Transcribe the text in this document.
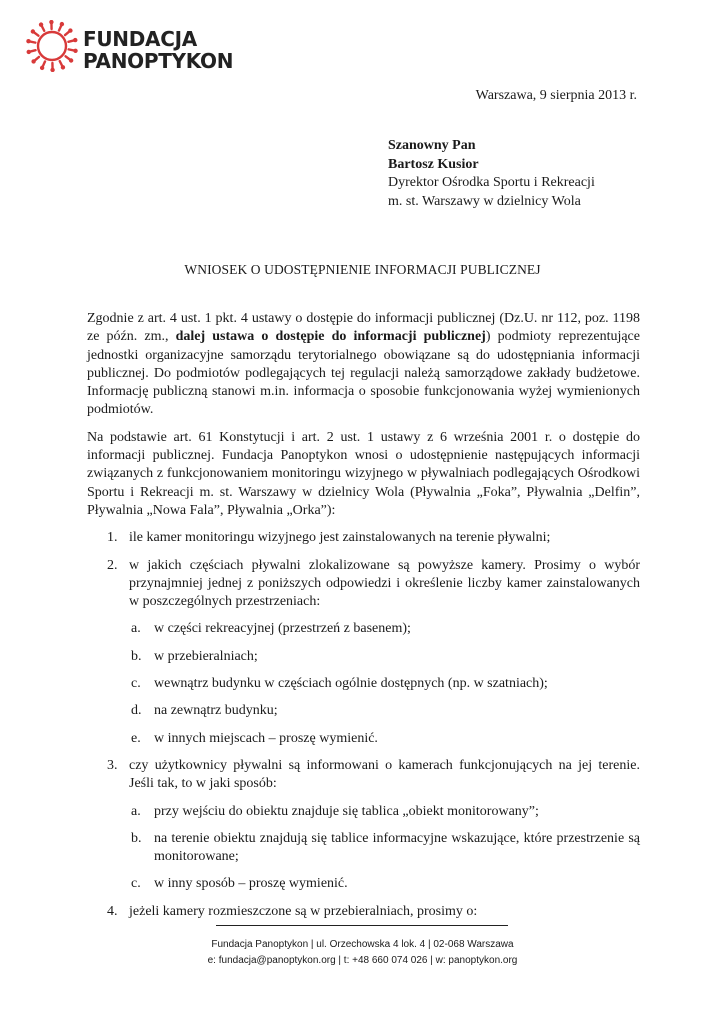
FUNDACJA
PANOPTYKON
Warszawa, 9 sierpnia 2013 r.
Szanowny Pan
Bartosz Kusior
Dyrektor Ośrodka Sportu i Rekreacji
m. st. Warszawy w dzielnicy Wola
WNIOSEK O UDOSTĘPNIENIE INFORMACJI PUBLICZNEJ

Zgodnie z art. 4 ust. 1 pkt. 4 ustawy o dostępie do informacji publicznej (Dz.U. nr 112, poz. 1198 ze późn. zm., dalej ustawa o dostępie do informacji publicznej) podmioty reprezentujące jednostki organizacyjne samorządu terytorialnego obowiązane są do udostępniania informacji publicznej. Do podmiotów podlegających tej regulacji należą samorządowe zakłady budżetowe. Informację publiczną stanowi m.in. informacja o sposobie funkcjonowania wyżej wymienionych podmiotów.

Na podstawie art. 61 Konstytucji i art. 2 ust. 1 ustawy z 6 września 2001 r. o dostępie do informacji publicznej. Fundacja Panoptykon wnosi o udostępnienie następujących informacji związanych z funkcjonowaniem monitoringu wizyjnego w pływalniach podlegających Ośrodkowi Sportu i Rekreacji m. st. Warszawy w dzielnicy Wola (Pływalnia „Foka”, Pływalnia „Delfin”, Pływalnia „Nowa Fala”, Pływalnia „Orka”):

1. ile kamer monitoringu wizyjnego jest zainstalowanych na terenie pływalni;
2. w jakich częściach pływalni zlokalizowane są powyższe kamery. Prosimy o wybór przynajmniej jednej z poniższych odpowiedzi i określenie liczby kamer zainstalowanych w poszczególnych przestrzeniach:
a. w części rekreacyjnej (przestrzeń z basenem);
b. w przebieralniach;
c. wewnątrz budynku w częściach ogólnie dostępnych (np. w szatniach);
d. na zewnątrz budynku;
e. w innych miejscach – proszę wymienić.
3. czy użytkownicy pływalni są informowani o kamerach funkcjonujących na jej terenie. Jeśli tak, to w jaki sposób:
a. przy wejściu do obiektu znajduje się tablica „obiekt monitorowany”;
b. na terenie obiektu znajdują się tablice informacyjne wskazujące, które przestrzenie są monitorowane;
c. w inny sposób – proszę wymienić.
4. jeżeli kamery rozmieszczone są w przebieralniach, prosimy o:
Fundacja Panoptykon | ul. Orzechowska 4 lok. 4 | 02-068 Warszawa
e: fundacja@panoptykon.org | t: +48 660 074 026 | w: panoptykon.org
